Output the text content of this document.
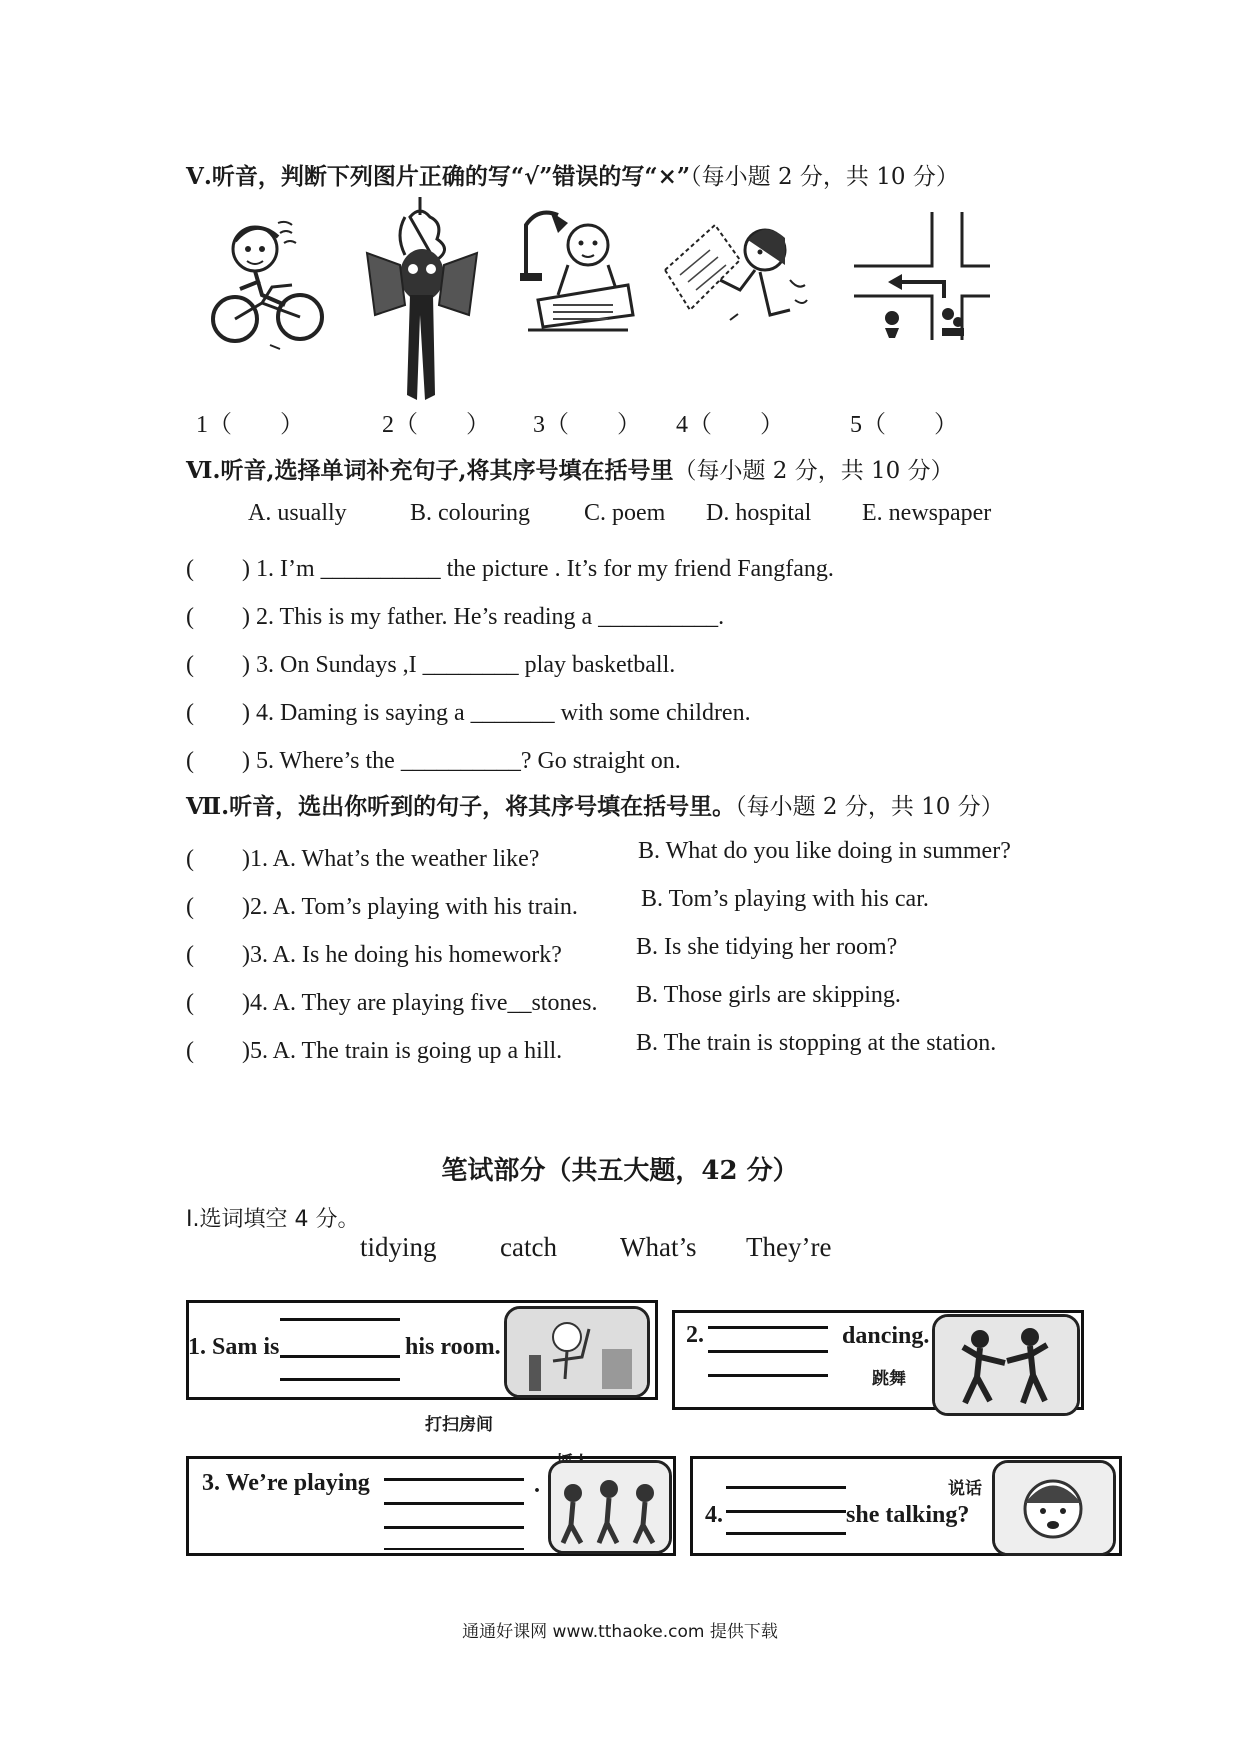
Ⅴ.听音，判断下列图片正确的写“√”错误的写“×”（每小题 2 分，共 10 分）
1（　　）	2（　　） 3（　　） 4（　　）	5（　　）
Ⅵ.听音,选择单词补充句子,将其序号填在括号里（每小题 2 分，共 10 分）
A. usually	B. colouring C. poem D. hospital E. newspaper
(　　) 1. I’m __________ the picture . It’s for my friend Fangfang.
(　　) 2. This is my father. He’s reading a __________.
(　　) 3. On Sundays ,I ________ play basketball.
(　　) 4. Daming is saying a _______ with some children.
(　　) 5. Where’s the __________? Go straight on.
Ⅶ.听音，选出你听到的句子，将其序号填在括号里。（每小题 2 分，共 10 分）
(　　)1. A. What’s the weather like?	B. What do you like doing in summer?
(　　)2. A. Tom’s playing with his train.	B. Tom’s playing with his car.
(　　)3. A. Is he doing his homework?	B. Is she tidying her room?
(　　)4. A. They are playing five__stones. B. Those girls are skipping.
(　　)5. A. The train is going up a hill.	B. The train is stopping at the station.
笔试部分（共五大题，42 分）
Ⅰ.选词填空 4 分。
tidying catch What’s They’re
1. Sam is	his room.
打扫房间
2.	dancing.
跳舞
3. We’re playing	.
4.	she talking?
说话
通通好课网 www.tthaoke.com 提供下载
